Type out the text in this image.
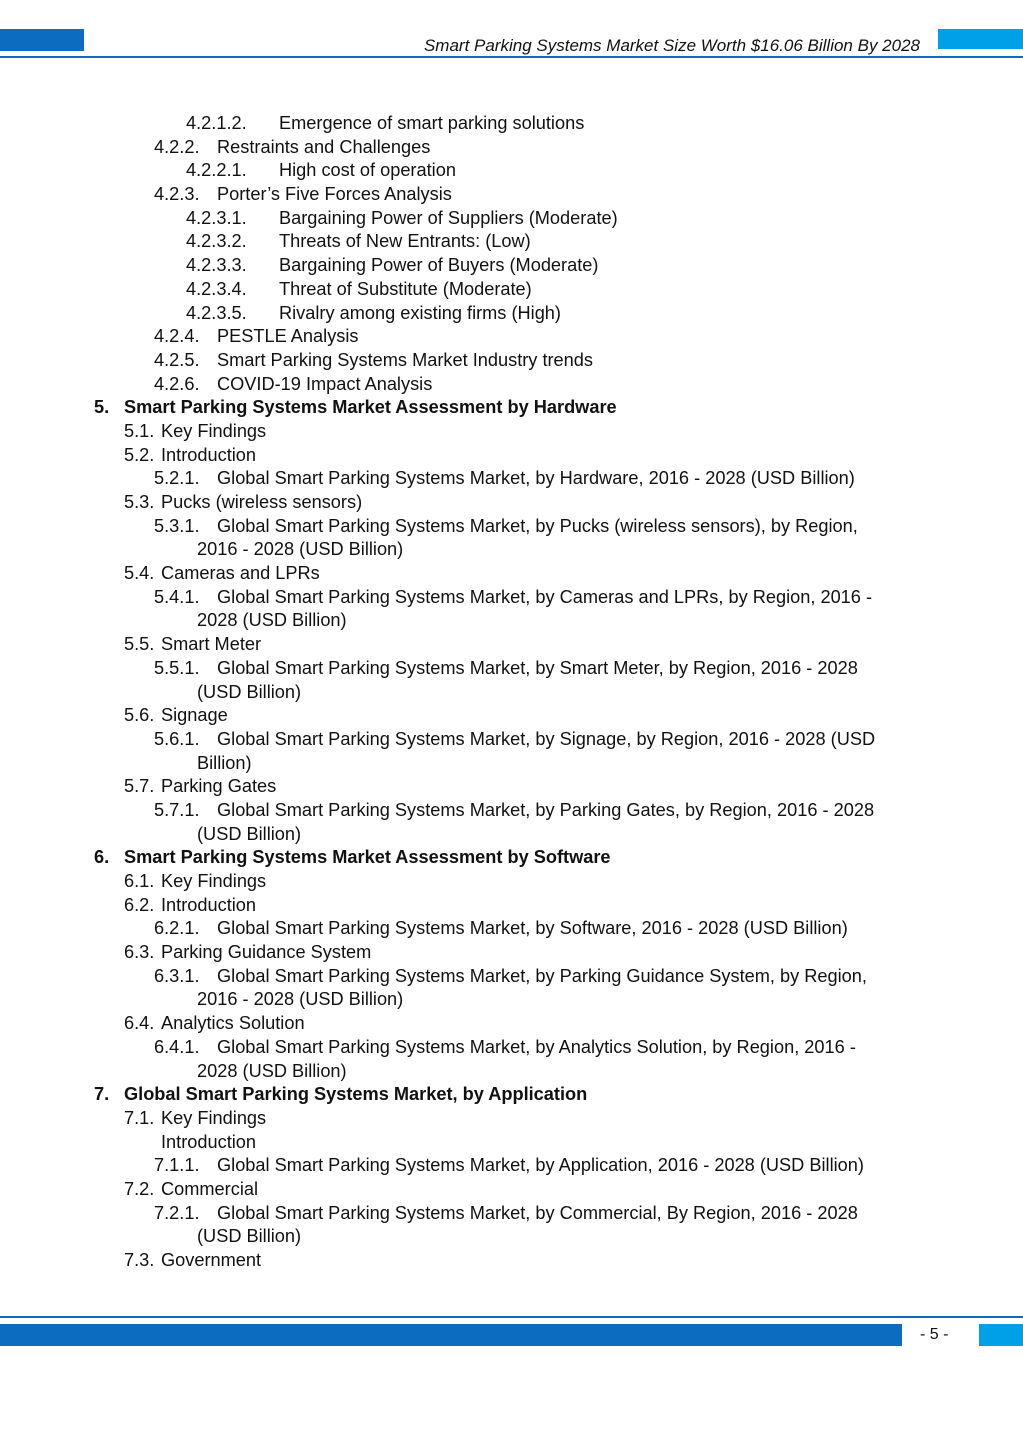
Smart Parking Systems Market Size Worth $16.06 Billion By 2028
4.2.1.2. Emergence of smart parking solutions
4.2.2. Restraints and Challenges
4.2.2.1. High cost of operation
4.2.3. Porter’s Five Forces Analysis
4.2.3.1. Bargaining Power of Suppliers (Moderate)
4.2.3.2. Threats of New Entrants: (Low)
4.2.3.3. Bargaining Power of Buyers (Moderate)
4.2.3.4. Threat of Substitute (Moderate)
4.2.3.5. Rivalry among existing firms (High)
4.2.4. PESTLE Analysis
4.2.5. Smart Parking Systems Market Industry trends
4.2.6. COVID-19 Impact Analysis
5. Smart Parking Systems Market Assessment by Hardware
5.1. Key Findings
5.2. Introduction
5.2.1. Global Smart Parking Systems Market, by Hardware, 2016 - 2028 (USD Billion)
5.3. Pucks (wireless sensors)
5.3.1. Global Smart Parking Systems Market, by Pucks (wireless sensors), by Region,
2016 - 2028 (USD Billion)
5.4. Cameras and LPRs
5.4.1. Global Smart Parking Systems Market, by Cameras and LPRs, by Region, 2016 -
2028 (USD Billion)
5.5. Smart Meter
5.5.1. Global Smart Parking Systems Market, by Smart Meter, by Region, 2016 - 2028
(USD Billion)
5.6. Signage
5.6.1. Global Smart Parking Systems Market, by Signage, by Region, 2016 - 2028 (USD
Billion)
5.7. Parking Gates
5.7.1. Global Smart Parking Systems Market, by Parking Gates, by Region, 2016 - 2028
(USD Billion)
6. Smart Parking Systems Market Assessment by Software
6.1. Key Findings
6.2. Introduction
6.2.1. Global Smart Parking Systems Market, by Software, 2016 - 2028 (USD Billion)
6.3. Parking Guidance System
6.3.1. Global Smart Parking Systems Market, by Parking Guidance System, by Region,
2016 - 2028 (USD Billion)
6.4. Analytics Solution
6.4.1. Global Smart Parking Systems Market, by Analytics Solution, by Region, 2016 -
2028 (USD Billion)
7. Global Smart Parking Systems Market, by Application
7.1. Key Findings
Introduction
7.1.1. Global Smart Parking Systems Market, by Application, 2016 - 2028 (USD Billion)
7.2. Commercial
7.2.1. Global Smart Parking Systems Market, by Commercial, By Region, 2016 - 2028
(USD Billion)
7.3. Government
- 5 -
